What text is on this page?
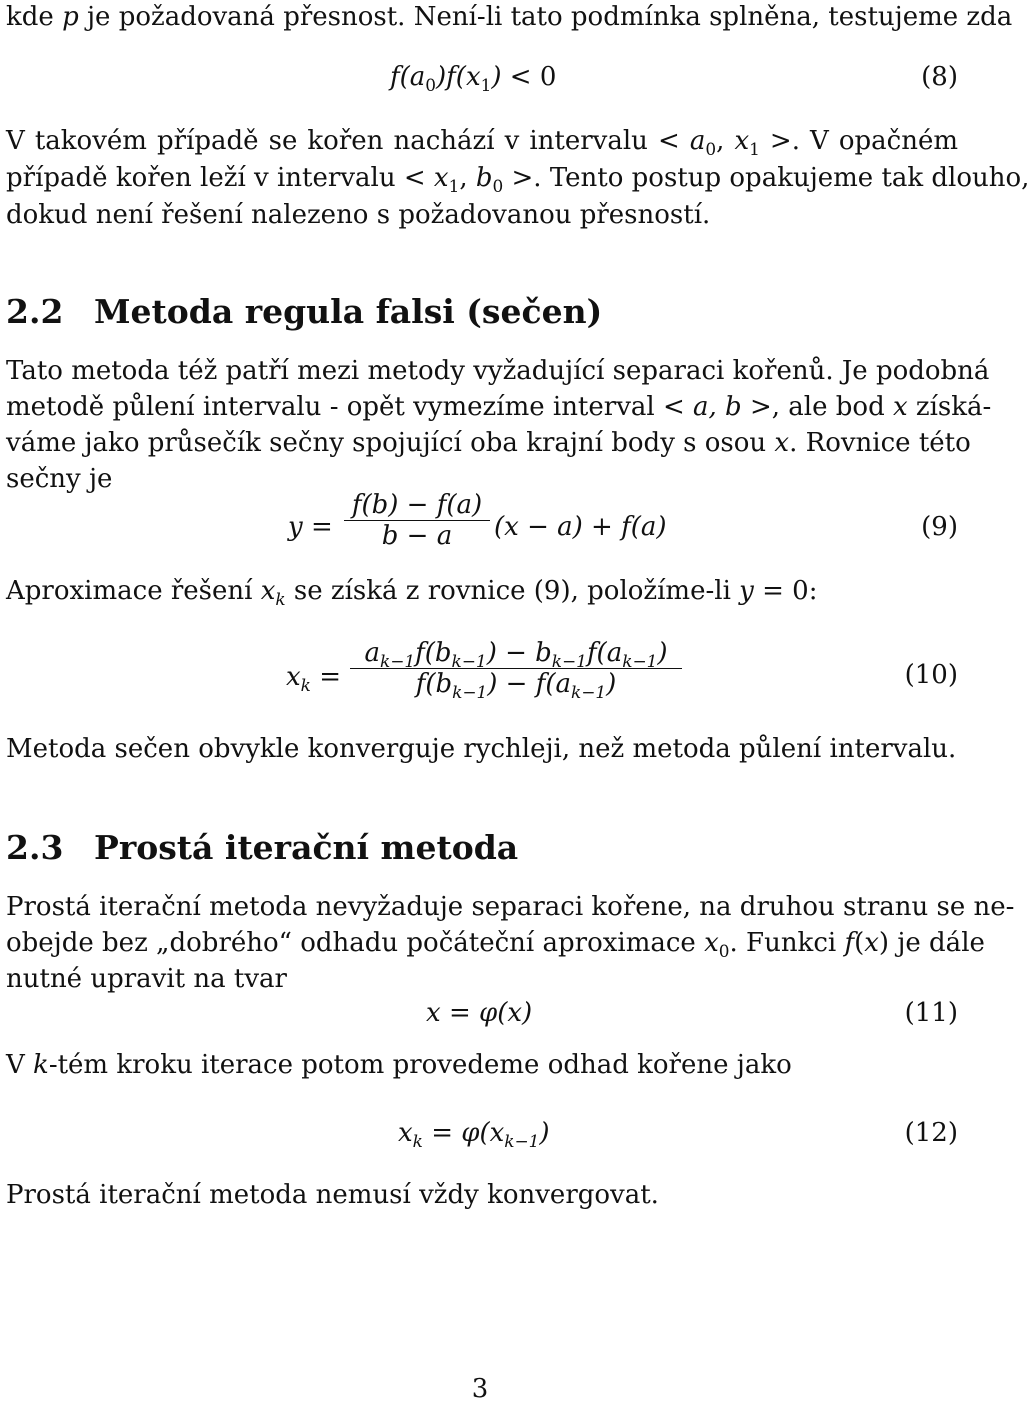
kde p je požadovaná přesnost. Není-li tato podmínka splněna, testujeme zda
$f(a_0)f(x_1) < 0$	(8)
V takovém případě se kořen nachází v intervalu < $a_0$, $x_1$ >. V opačném
případě kořen leží v intervalu < $x_1$, $b_0$ >. Tento postup opakujeme tak dlouho,
dokud není řešení nalezeno s požadovanou přesností.
2.2 Metoda regula falsi (sečen)
Tato metoda též patří mezi metody vyžadující separaci kořenů. Je podobná
metodě půlení intervalu - opět vymezíme interval < a, b >, ale bod x získá-
váme jako průsečík sečny spojující oba krajní body s osou x. Rovnice této
sečny je
$y = \frac{f(b) - f(a)}{b - a} (x - a) + f(a)$	(9)
Aproximace řešení $x_k$ se získá z rovnice (9), položíme-li y = 0:
$x_k$ =
$a_{k-1}f(b_{k-1}) - b_{k-1}f(a_{k-1})$
$f(b_{k-1}) - f(a_{k-1})$	(10)
Metoda sečen obvykle konverguje rychleji, než metoda půlení intervalu.
2.3 Prostá iterační metoda
Prostá iterační metoda nevyžaduje separaci kořene, na druhou stranu se ne-
obejde bez „dobrého“ odhadu počáteční aproximace $x_0$. Funkci f(x) je dále
nutné upravit na tvar
x = φ(x)	(11)
V k-tém kroku iterace potom provedeme odhad kořene jako
$x_k = \varphi(x_{k-1})$	(12)
Prostá iterační metoda nemusí vždy konvergovat.
3
